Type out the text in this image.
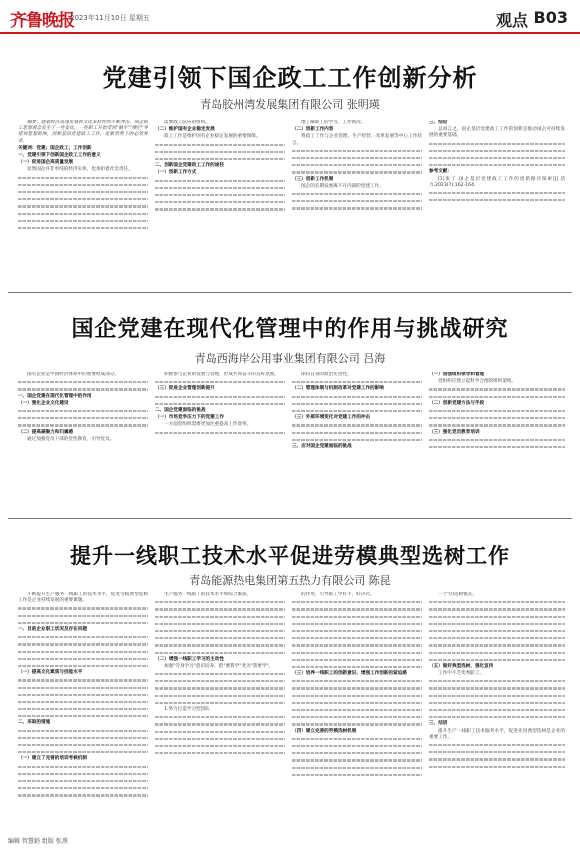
齐鲁晚报
2023年11月10日 星期五	观点 B03
党建引领下国企政工工作创新分析
青岛胶州湾发展集团有限公司 张明瑛

摘要：随着经济高速发展和文化多样性的不断冲击，国企职工思想观念发生了一些变化，一些职工开始受到"躺平""摆烂"等错误思想影响，创新基层党建政工工作，是新形势下的必然要求。

关键词：党建；国企政工；工作创新

一、党建引领下创新国企政工工作的意义

（一）促进国企高质量发展

显然国企并非单纯的经济实体，也承担着社会责任。

需要政工队伍的组织。

（二）维护国有企业稳定发展

政工工作是维护国有企业稳定发展的重要保障。

二、创新国企党建政工工作的途径

（一）创新工作方式

地了解职工的学习、工作情况。

（二）创新工作内容

将政工工作与企业管理、生产经营、改革发展等中心工作结合。

（三）创新工作机制

国企的长期发展离不开内部的党建工作。

三、结论

总而言之，国企基层党建政工工作的创新是推动国企可持续发展的重要基础。

参考文献：

[1]张丁.国企基层党建政工工作的创新路径探索[J].活力,2023(7):162-164.

国企党建在现代化管理中的作用与挑战研究
青岛西海岸公用事业集团有限公司 吕海

国有企业是中国经济体系中的重要组成部分。

一、国企党建在现代化管理中的作用

（一）强化企业文化建设

（二）提高凝聚力和归属感

通过加强党员干部的党性教育，引导党员。

积极参与企业的发展与管理，形成共同奋斗的良好氛围。

（三）促进企业管理创新提升

二、国企党建面临的挑战

（一）市场竞争压力下的党建工作

一方面党组织需要更加注重提高工作效率。

保持自身的政治先进性。

（二）管理体制与机制改革对党建工作的影响

（三）外部环境变化对党建工作的冲击

三、应对国企党建面临的挑战

（一）加强组织领导和管理

党组织应建立起科学合理的组织架构。

（二）创新党建方法与手段

（三）强化党员教育培训

提升一线职工技术水平促进劳模典型选树工作
青岛能源热电集团第五热力有限公司 陈昆

不断提升生产服务一线职工的技术水平，促进劳模典型选树工作是企业持续发展的重要课题。

一、目前企业职工状况及存在问题

（一）提高文化素质与技能水平

二、采取的措施

（一）建立了完善的培训考核机制

生产服务一线职工的技术水平和综合素质。

（二）增强一线职工学习的主动性

加强"劳身学习"意识培养，把"要我学"变为"我要学"。

1.努力打造学习型团队

的作用，引导职工学好手、好诀窍。

（三）培养一线职工的创新意识、增强工作创新的紧迫感

（四）建立完善的劳模选树机制

一个"的选树模式。

（五）做好典型选树、强化宣传

工作中不乏优秀职工。

三、结语

提升生产一线职工技术服务水平，促进先进典型选树是企业的重要工作。

编辑 管慧娟 组版 张燕
